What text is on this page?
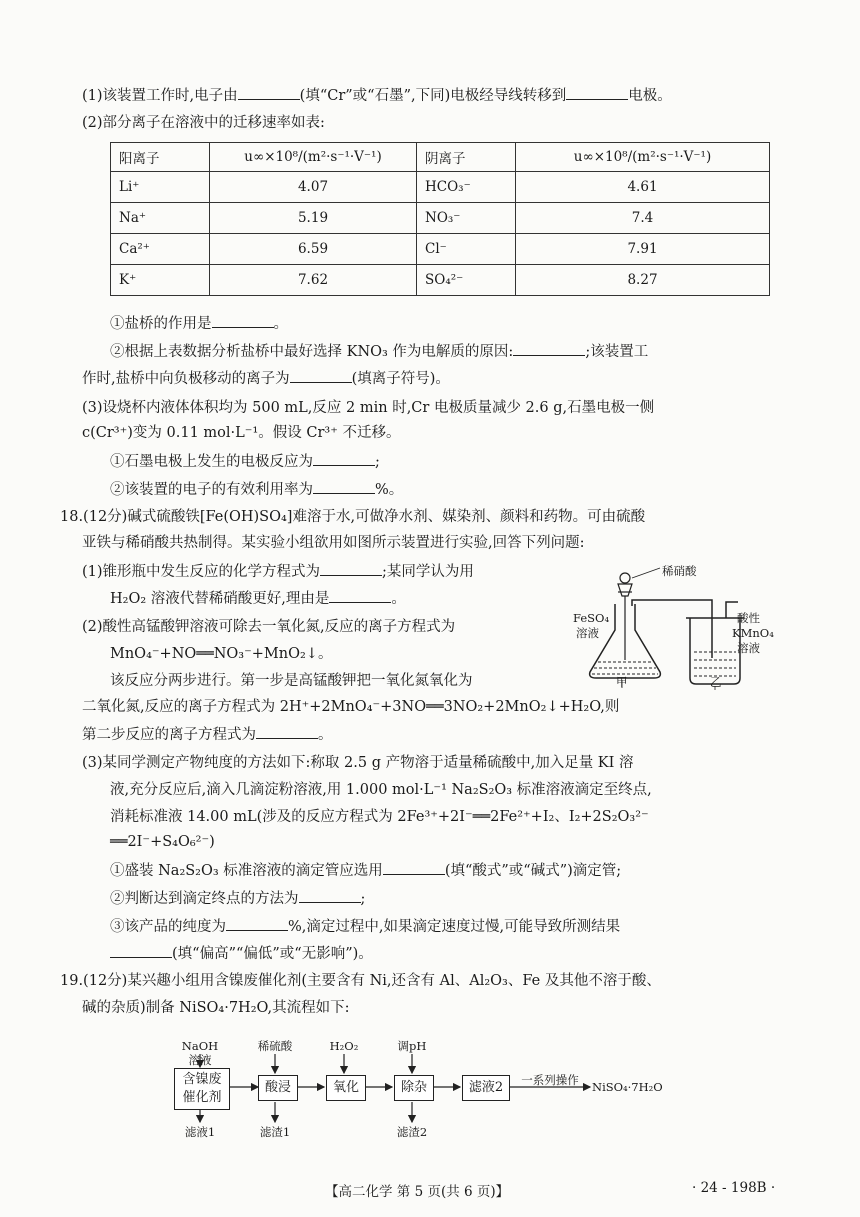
(1)该装置工作时,电子由	(填“Cr”或“石墨”,下同)电极经导线转移到	电极。
(2)部分离子在溶液中的迁移速率如表:
阳离子	u∞×10⁸/(m²·s⁻¹·V⁻¹)	阴离子	u∞×10⁸/(m²·s⁻¹·V⁻¹)
Li⁺	4.07	HCO₃⁻	4.61
Na⁺	5.19	NO₃⁻	7.4
Ca²⁺	6.59	Cl⁻	7.91
K⁺	7.62	SO₄²⁻	8.27
①盐桥的作用是	。
②根据上表数据分析盐桥中最好选择 KNO₃ 作为电解质的原因:	;该装置工
作时,盐桥中向负极移动的离子为	(填离子符号)。
(3)设烧杯内液体体积均为 500 mL,反应 2 min 时,Cr 电极质量减少 2.6 g,石墨电极一侧
c(Cr³⁺)变为 0.11 mol·L⁻¹。假设 Cr³⁺ 不迁移。
①石墨电极上发生的电极反应为	;
②该装置的电子的有效利用率为	%。
18.(12分)碱式硫酸铁[Fe(OH)SO₄]难溶于水,可做净水剂、媒染剂、颜料和药物。可由硫酸
亚铁与稀硝酸共热制得。某实验小组欲用如图所示装置进行实验,回答下列问题:
(1)锥形瓶中发生反应的化学方程式为	;某同学认为用
H₂O₂ 溶液代替稀硝酸更好,理由是	。
(2)酸性高锰酸钾溶液可除去一氧化氮,反应的离子方程式为
MnO₄⁻+NO══NO₃⁻+MnO₂↓。
该反应分两步进行。第一步是高锰酸钾把一氧化氮氧化为
二氧化氮,反应的离子方程式为 2H⁺+2MnO₄⁻+3NO══3NO₂+2MnO₂↓+H₂O,则
第二步反应的离子方程式为	。
稀硝酸
FeSO₄
溶液
酸性
KMnO₄
溶液
甲	乙
(3)某同学测定产物纯度的方法如下:称取 2.5 g 产物溶于适量稀硫酸中,加入足量 KI 溶
液,充分反应后,滴入几滴淀粉溶液,用 1.000 mol·L⁻¹ Na₂S₂O₃ 标准溶液滴定至终点,
消耗标准液 14.00 mL(涉及的反应方程式为 2Fe³⁺+2I⁻══2Fe²⁺+I₂、I₂+2S₂O₃²⁻
══2I⁻+S₄O₆²⁻)
①盛装 Na₂S₂O₃ 标准溶液的滴定管应选用	(填“酸式”或“碱式”)滴定管;
②判断达到滴定终点的方法为	;
③该产品的纯度为	%,滴定过程中,如果滴定速度过慢,可能导致所测结果
(填“偏高”“偏低”或“无影响”)。
19.(12分)某兴趣小组用含镍废催化剂(主要含有 Ni,还含有 Al、Al₂O₃、Fe 及其他不溶于酸、
碱的杂质)制备 NiSO₄·7H₂O,其流程如下:
NaOH
溶液
稀硫酸	H₂O₂	调pH
含镍废
催化剂
酸浸	氧化	除杂	滤液2	一系列操作	NiSO₄·7H₂O
滤液1	滤渣1	滤渣2
【高二化学 第 5 页(共 6 页)】	· 24 - 198B ·
